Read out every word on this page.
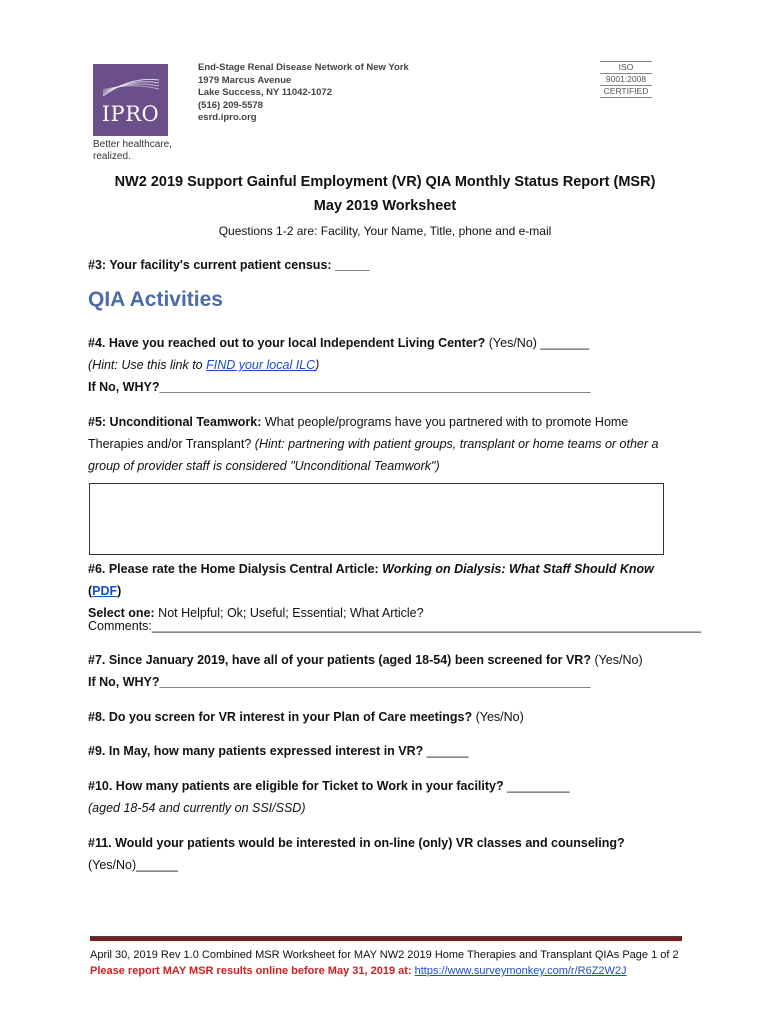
IPRO
Better healthcare, realized.
End-Stage Renal Disease Network of New York
1979 Marcus Avenue
Lake Success, NY 11042-1072
(516) 209-5578
esrd.ipro.org
ISO
9001:2008
CERTIFIED
NW2 2019 Support Gainful Employment (VR) QIA Monthly Status Report (MSR)
May 2019 Worksheet
Questions 1-2 are: Facility, Your Name, Title, phone and e-mail
#3: Your facility's current patient census: _____
QIA Activities
#4. Have you reached out to your local Independent Living Center? (Yes/No) _______
(Hint: Use this link to FIND your local ILC)
If No, WHY?______________________________________________________________
#5: Unconditional Teamwork: What people/programs have you partnered with to promote Home
Therapies and/or Transplant? (Hint: partnering with patient groups, transplant or home teams or other a
group of provider staff is considered "Unconditional Teamwork")
#6. Please rate the Home Dialysis Central Article: Working on Dialysis: What Staff Should Know (PDF)
Select one: Not Helpful; Ok; Useful; Essential; What Article?
Comments:_______________________________________________________________________________
#7. Since January 2019, have all of your patients (aged 18-54) been screened for VR? (Yes/No)
If No, WHY?______________________________________________________________
#8. Do you screen for VR interest in your Plan of Care meetings? (Yes/No)
#9. In May, how many patients expressed interest in VR? ______
#10. How many patients are eligible for Ticket to Work in your facility? _________
(aged 18-54 and currently on SSI/SSD)
#11. Would your patients would be interested in on-line (only) VR classes and counseling?
(Yes/No)______
April 30, 2019 Rev 1.0 Combined MSR Worksheet for MAY NW2 2019 Home Therapies and Transplant QIAs Page 1 of 2
Please report MAY MSR results online before May 31, 2019 at: https://www.surveymonkey.com/r/R6Z2W2J
